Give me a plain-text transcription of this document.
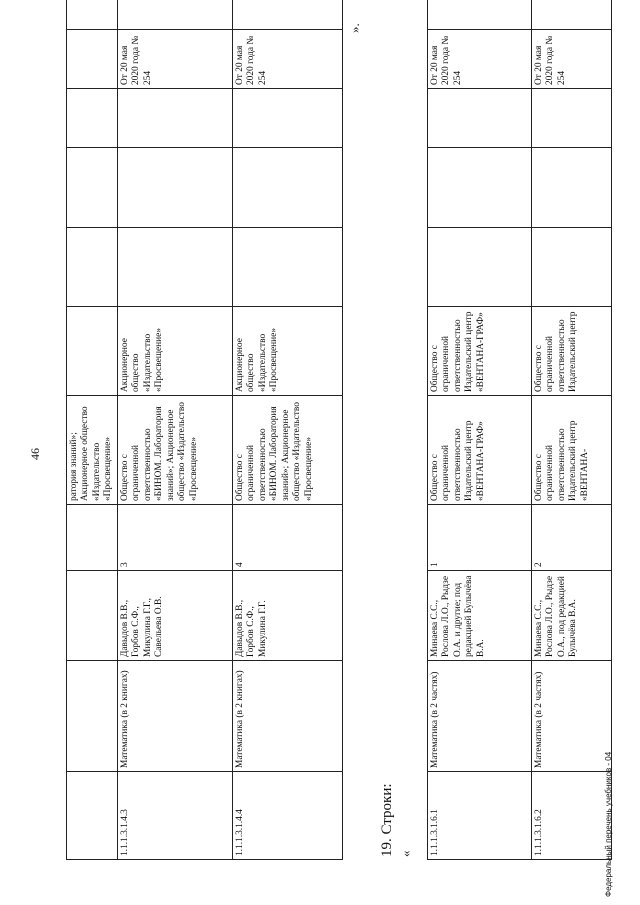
46
					ратория знаний»; Акционерное общество «Издательство «Просвещение»						
1.1.1.3.1.4.3	Математика (в 2 книгах)	Давыдов В.В., Горбов С.Ф., Микулина Г.Г., Савельева О.В.	3	Общество с ограниченной ответственностью «БИНОМ. Лаборатория знаний»; Акционерное общество «Издательство «Просвещение»	Акционерное общество «Издательство «Просвещение»				От 20 мая 2020 года № 254	
1.1.1.3.1.4.4	Математика (в 2 книгах)	Давыдов В.В., Горбов С.Ф., Микулина Г.Г.	4	Общество с ограниченной ответственностью «БИНОМ. Лаборатория знаний»; Акционерное общество «Издательство «Просвещение»	Акционерное общество «Издательство «Просвещение»				От 20 мая 2020 года № 254	
».
19. Строки: « 1.1.1.3.1.6.1	Математика (в 2 частях)	Минаева С.С., Рослова Л.О., Рыдзе О.А. и другие; под редакцией Булычёва В.А.	1	Общество с ограниченной ответственностью Издательский центр «ВЕНТАНА-ГРАФ»	Общество с ограниченной ответственностью Издательский центр «ВЕНТАНА-ГРАФ»				От 20 мая 2020 года № 254	
1.1.1.3.1.6.2	Математика (в 2 частях)	Минаева С.С., Рослова Л.О., Рыдзе О.А., под редакцией Булычёва В.А.	2	Общество с ограниченной ответственностью Издательский центр «ВЕНТАНА-	Общество с ограниченной ответственностью Издательский центр				От 20 мая 2020 года № 254	
Федеральный перечень учебников - 04
